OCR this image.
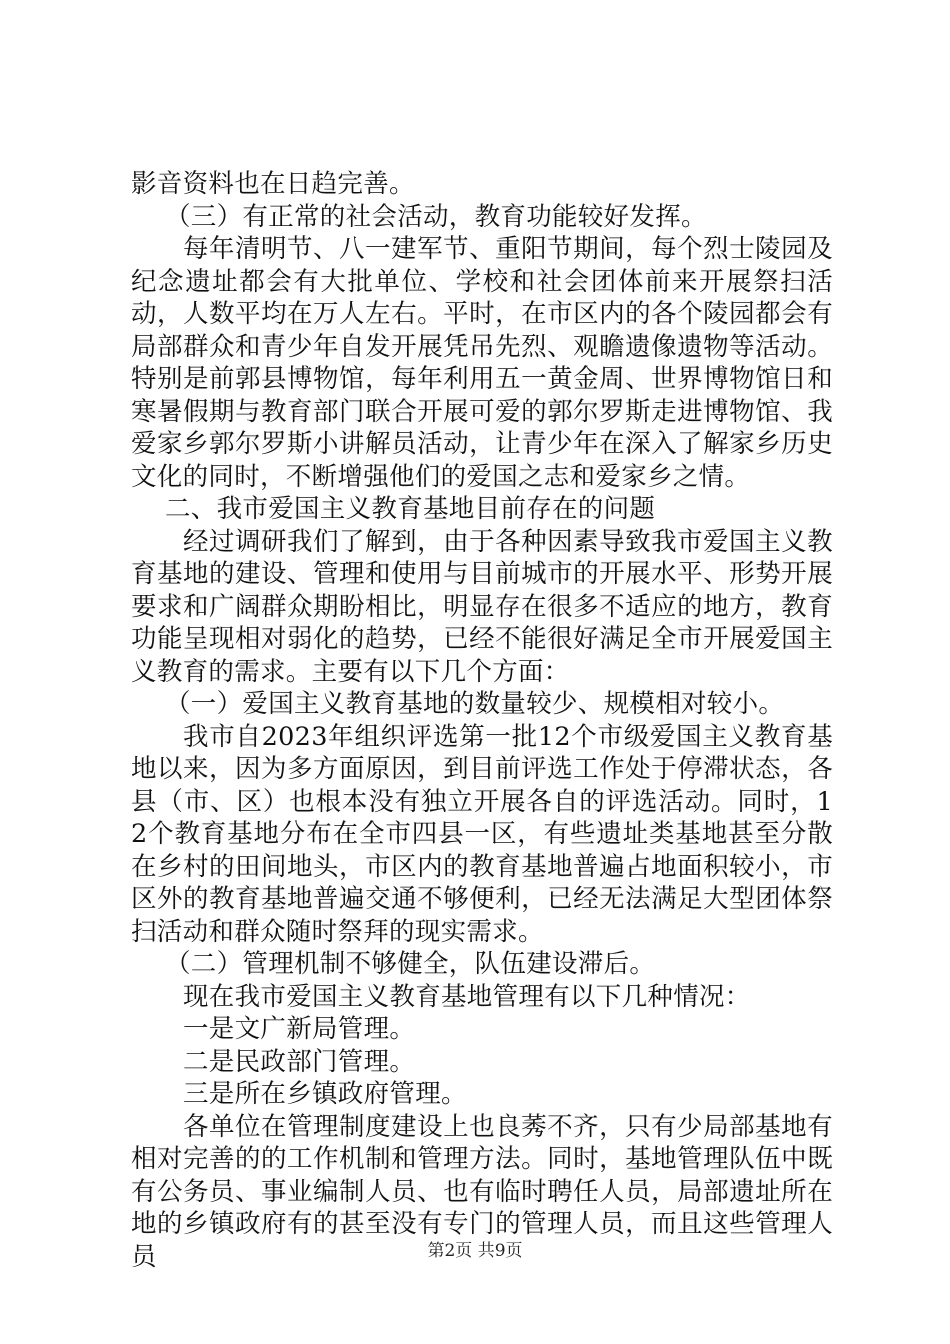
影音资料也在日趋完善。

（三）有正常的社会活动，教育功能较好发挥。

每年清明节、八一建军节、重阳节期间，每个烈士陵园及纪念遗址都会有大批单位、学校和社会团体前来开展祭扫活动，人数平均在万人左右。平时，在市区内的各个陵园都会有局部群众和青少年自发开展凭吊先烈、观瞻遗像遗物等活动。特别是前郭县博物馆，每年利用五一黄金周、世界博物馆日和寒暑假期与教育部门联合开展可爱的郭尔罗斯走进博物馆、我爱家乡郭尔罗斯小讲解员活动，让青少年在深入了解家乡历史文化的同时，不断增强他们的爱国之志和爱家乡之情。

二、我市爱国主义教育基地目前存在的问题

经过调研我们了解到，由于各种因素导致我市爱国主义教育基地的建设、管理和使用与目前城市的开展水平、形势开展要求和广阔群众期盼相比，明显存在很多不适应的地方，教育功能呈现相对弱化的趋势，已经不能很好满足全市开展爱国主义教育的需求。主要有以下几个方面：

（一）爱国主义教育基地的数量较少、规模相对较小。

我市自2023年组织评选第一批12个市级爱国主义教育基地以来，因为多方面原因，到目前评选工作处于停滞状态，各县（市、区）也根本没有独立开展各自的评选活动。同时，12个教育基地分布在全市四县一区，有些遗址类基地甚至分散在乡村的田间地头，市区内的教育基地普遍占地面积较小，市区外的教育基地普遍交通不够便利，已经无法满足大型团体祭扫活动和群众随时祭拜的现实需求。

（二）管理机制不够健全，队伍建设滞后。

现在我市爱国主义教育基地管理有以下几种情况：

一是文广新局管理。

二是民政部门管理。

三是所在乡镇政府管理。

各单位在管理制度建设上也良莠不齐，只有少局部基地有相对完善的的工作机制和管理方法。同时，基地管理队伍中既有公务员、事业编制人员、也有临时聘任人员，局部遗址所在地的乡镇政府有的甚至没有专门的管理人员，而且这些管理人员	第2页 共9页
